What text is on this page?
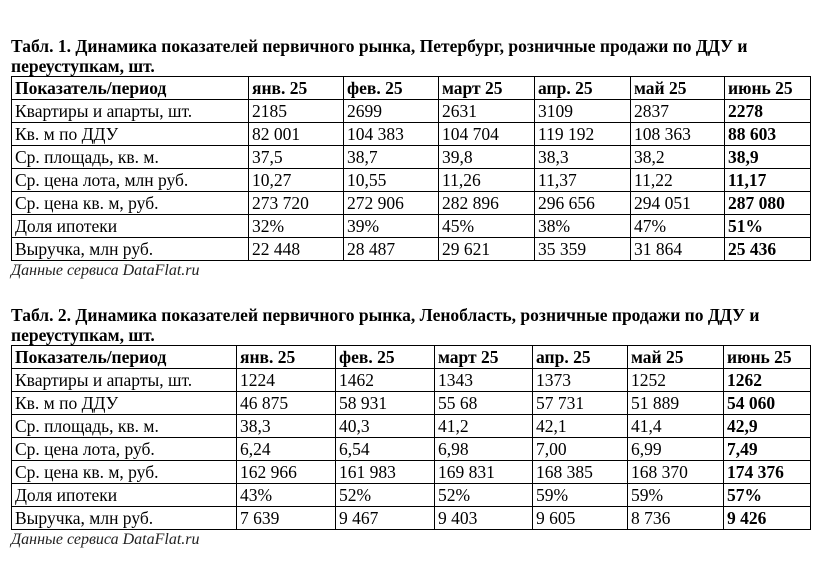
Табл. 1. Динамика показателей первичного рынка, Петербург, розничные продажи по ДДУ и переуступкам, шт.

Показатель/период	янв. 25	фев. 25	март 25	апр. 25	май 25	июнь 25
Квартиры и апарты, шт.	2185	2699	2631	3109	2837	2278
Кв. м по ДДУ	82 001	104 383	104 704	119 192	108 363	88 603
Ср. площадь, кв. м.	37,5	38,7	39,8	38,3	38,2	38,9
Ср. цена лота, млн руб.	10,27	10,55	11,26	11,37	11,22	11,17
Ср. цена кв. м, руб.	273 720	272 906	282 896	296 656	294 051	287 080
Доля ипотеки	32%	39%	45%	38%	47%	51%
Выручка, млн руб.	22 448	28 487	29 621	35 359	31 864	25 436

Данные сервиса DataFlat.ru

Табл. 2. Динамика показателей первичного рынка, Ленобласть, розничные продажи по ДДУ и переуступкам, шт.

Показатель/период	янв. 25	фев. 25	март 25	апр. 25	май 25	июнь 25
Квартиры и апарты, шт.	1224	1462	1343	1373	1252	1262
Кв. м по ДДУ	46 875	58 931	55 68	57 731	51 889	54 060
Ср. площадь, кв. м.	38,3	40,3	41,2	42,1	41,4	42,9
Ср. цена лота, руб.	6,24	6,54	6,98	7,00	6,99	7,49
Ср. цена кв. м, руб.	162 966	161 983	169 831	168 385	168 370	174 376
Доля ипотеки	43%	52%	52%	59%	59%	57%
Выручка, млн руб.	7 639	9 467	9 403	9 605	8 736	9 426

Данные сервиса DataFlat.ru
